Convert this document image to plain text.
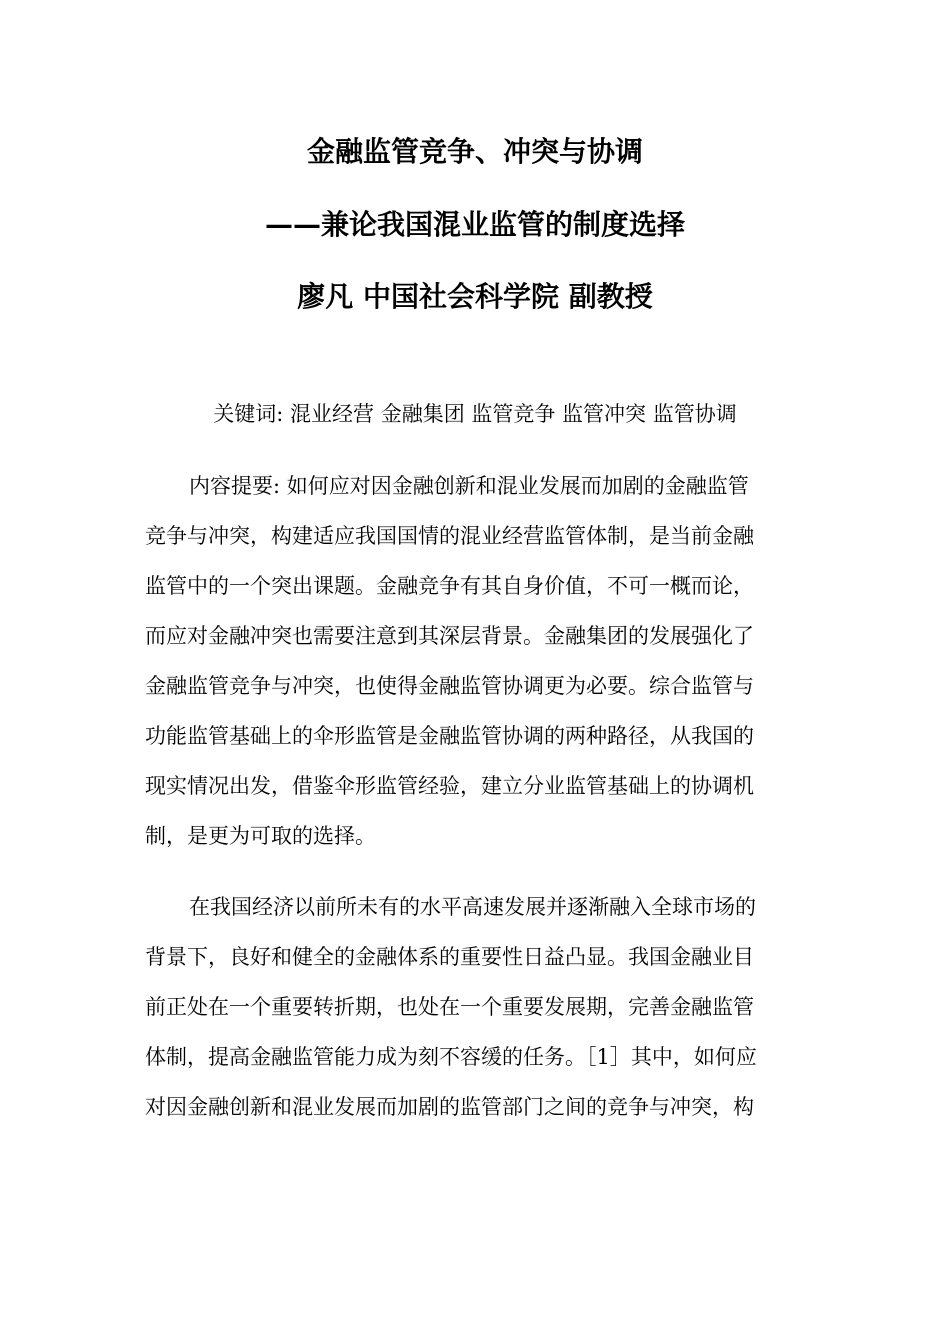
金融监管竞争、冲突与协调
——兼论我国混业监管的制度选择
廖凡 中国社会科学院 副教授
关键词: 混业经营 金融集团 监管竞争 监管冲突 监管协调
内容提要: 如何应对因金融创新和混业发展而加剧的金融监管
竞争与冲突，构建适应我国国情的混业经营监管体制，是当前金融
监管中的一个突出课题。金融竞争有其自身价值，不可一概而论，
而应对金融冲突也需要注意到其深层背景。金融集团的发展强化了
金融监管竞争与冲突，也使得金融监管协调更为必要。综合监管与
功能监管基础上的伞形监管是金融监管协调的两种路径，从我国的
现实情况出发，借鉴伞形监管经验，建立分业监管基础上的协调机
制，是更为可取的选择。
在我国经济以前所未有的水平高速发展并逐渐融入全球市场的
背景下，良好和健全的金融体系的重要性日益凸显。我国金融业目
前正处在一个重要转折期，也处在一个重要发展期，完善金融监管
体制，提高金融监管能力成为刻不容缓的任务。［1］其中，如何应
对因金融创新和混业发展而加剧的监管部门之间的竞争与冲突，构
